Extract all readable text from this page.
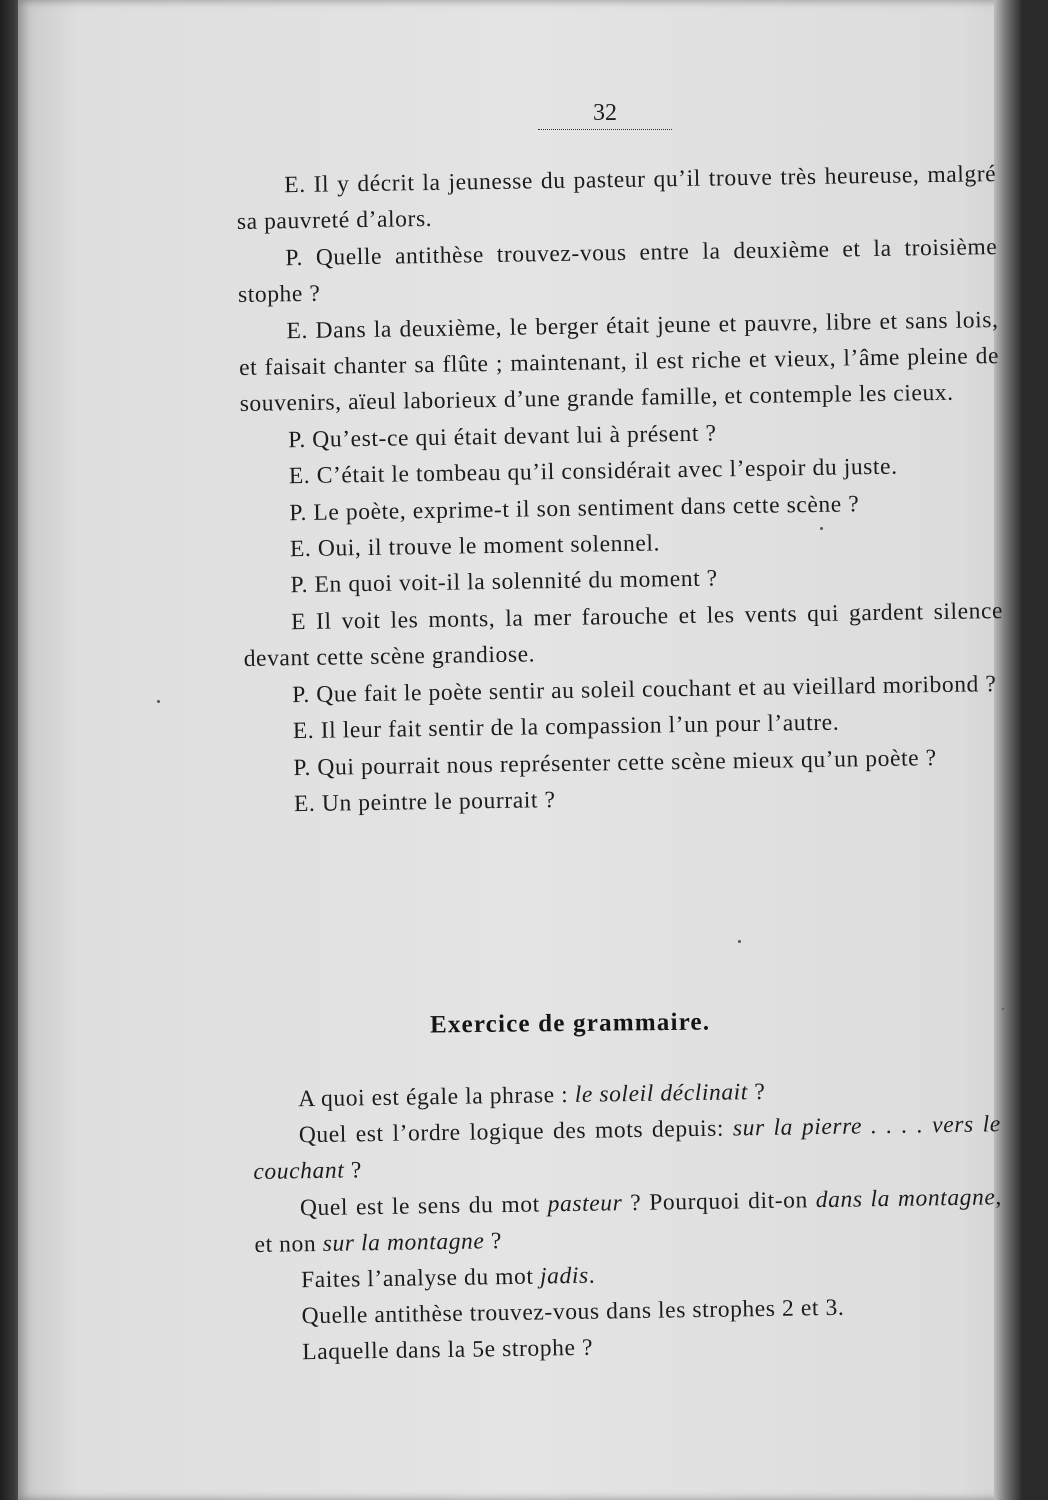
32

E. Il y décrit la jeunesse du pasteur qu’il trouve très heureuse, malgré sa pauvreté d’alors.

P. Quelle antithèse trouvez-vous entre la deuxième et la troisième stophe ?

E. Dans la deuxième, le berger était jeune et pauvre, libre et sans lois, et faisait chanter sa flûte ; maintenant, il est riche et vieux, l’âme pleine de souvenirs, aïeul laborieux d’une grande famille, et contemple les cieux.

P. Qu’est-ce qui était devant lui à présent ?

E. C’était le tombeau qu’il considérait avec l’espoir du juste.

P. Le poète, exprime-t il son sentiment dans cette scène ?

E. Oui, il trouve le moment solennel.

P. En quoi voit-il la solennité du moment ?

E Il voit les monts, la mer farouche et les vents qui gardent silence devant cette scène grandiose.

P. Que fait le poète sentir au soleil couchant et au vieillard moribond ?

E. Il leur fait sentir de la compassion l’un pour l’autre.

P. Qui pourrait nous représenter cette scène mieux qu’un poète ?

E. Un peintre le pourrait ?

Exercice de grammaire.

A quoi est égale la phrase : le soleil déclinait ?

Quel est l’ordre logique des mots depuis: sur la pierre . . . . vers le couchant ?

Quel est le sens du mot pasteur ? Pourquoi dit-on dans la montagne, et non sur la montagne ?

Faites l’analyse du mot jadis.

Quelle antithèse trouvez-vous dans les strophes 2 et 3.

Laquelle dans la 5e strophe ?
